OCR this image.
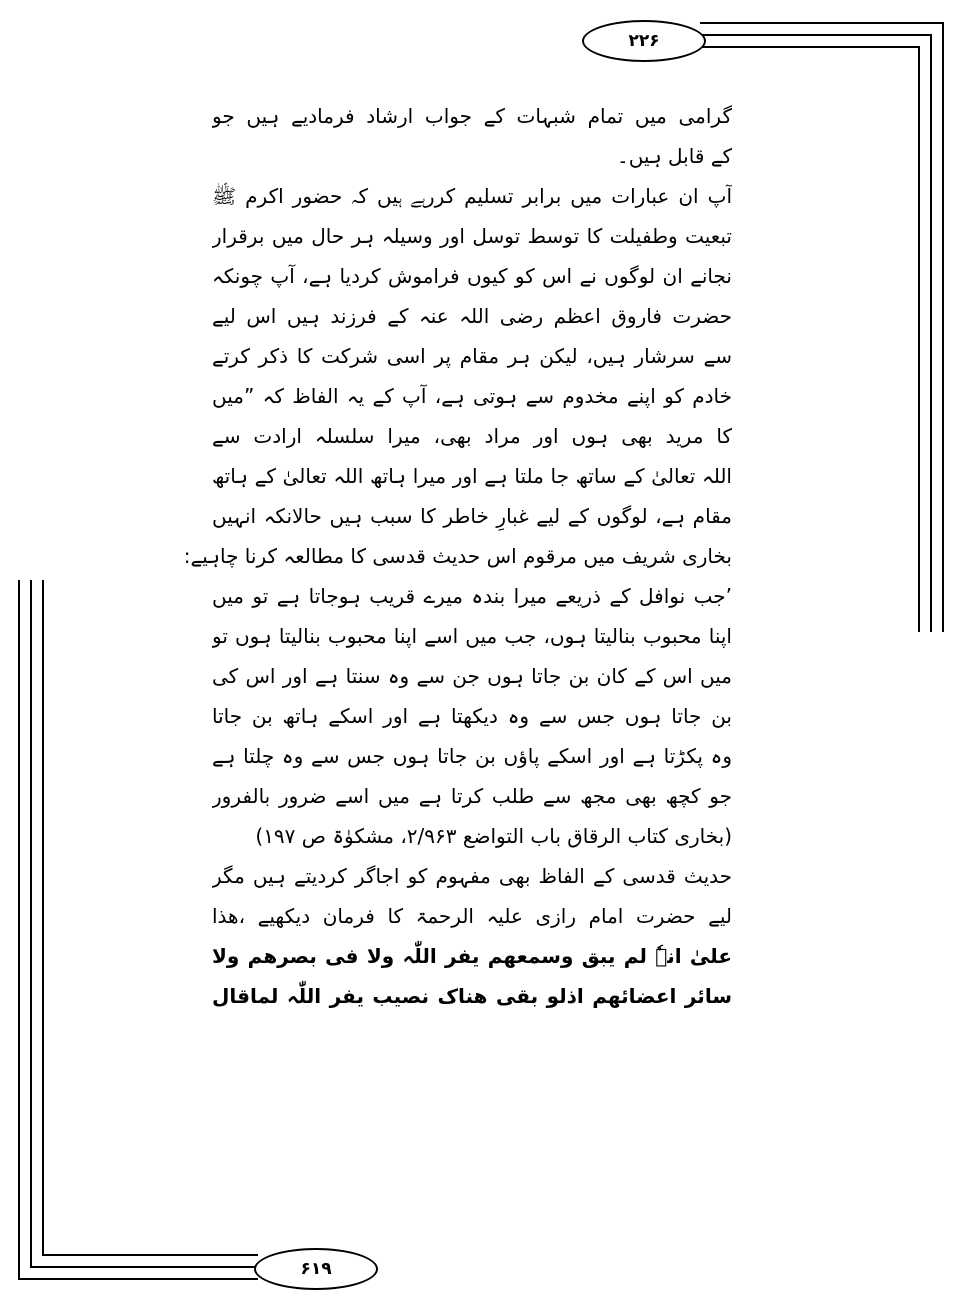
۲۲۶
۶۱۹
گرامی میں تمام شبہات کے جواب ارشاد فرمادیے ہیں جو
کے قابل ہیں۔
آپ ان عبارات میں برابر تسلیم کررہے ہیں کہ حضور اکرم ﷺ
تبعیت وطفیلت کا توسط توسل اور وسیلہ ہر حال میں برقرار
نجانے ان لوگوں نے اس کو کیوں فراموش کردیا ہے، آپ چونکہ
حضرت فاروق اعظم رضی اللہ عنہ کے فرزند ہیں اس لیے
سے سرشار ہیں، لیکن ہر مقام پر اسی شرکت کا ذکر کرتے
خادم کو اپنے مخدوم سے ہوتی ہے، آپ کے یہ الفاظ کہ ”میں
کا مرید بھی ہوں اور مراد بھی، میرا سلسلہ ارادت سے
اللہ تعالیٰ کے ساتھ جا ملتا ہے اور میرا ہاتھ اللہ تعالیٰ کے ہاتھ
مقام ہے، لوگوں کے لیے غبارِ خاطر کا سبب ہیں حالانکہ انہیں
بخاری شریف میں مرقوم اس حدیث قدسی کا مطالعہ کرنا چاہیے:
’جب نوافل کے ذریعے میرا بندہ میرے قریب ہوجاتا ہے تو میں
اپنا محبوب بنالیتا ہوں، جب میں اسے اپنا محبوب بنالیتا ہوں تو
میں اس کے کان بن جاتا ہوں جن سے وہ سنتا ہے اور اس کی
بن جاتا ہوں جس سے وہ دیکھتا ہے اور اسکے ہاتھ بن جاتا
وہ پکڑتا ہے اور اسکے پاؤں بن جاتا ہوں جس سے وہ چلتا ہے
جو کچھ بھی مجھ سے طلب کرتا ہے میں اسے ضرور بالفرور
(بخاری کتاب الرقاق باب التواضع ۲/۹۶۳، مشکوٰۃ ص ۱۹۷)
حدیث قدسی کے الفاظ بھی مفہوم کو اجاگر کردیتے ہیں مگر
لیے حضرت امام رازی علیہ الرحمۃ کا فرمان دیکھیے ،ھذا
علیٰ انہٗ لم یبق وسمعھم یفر اللّٰہ ولا فی بصرھم ولا
سائر اعضائھم اذلو بقی ھناک نصیب یفر اللّٰہ لماقال
